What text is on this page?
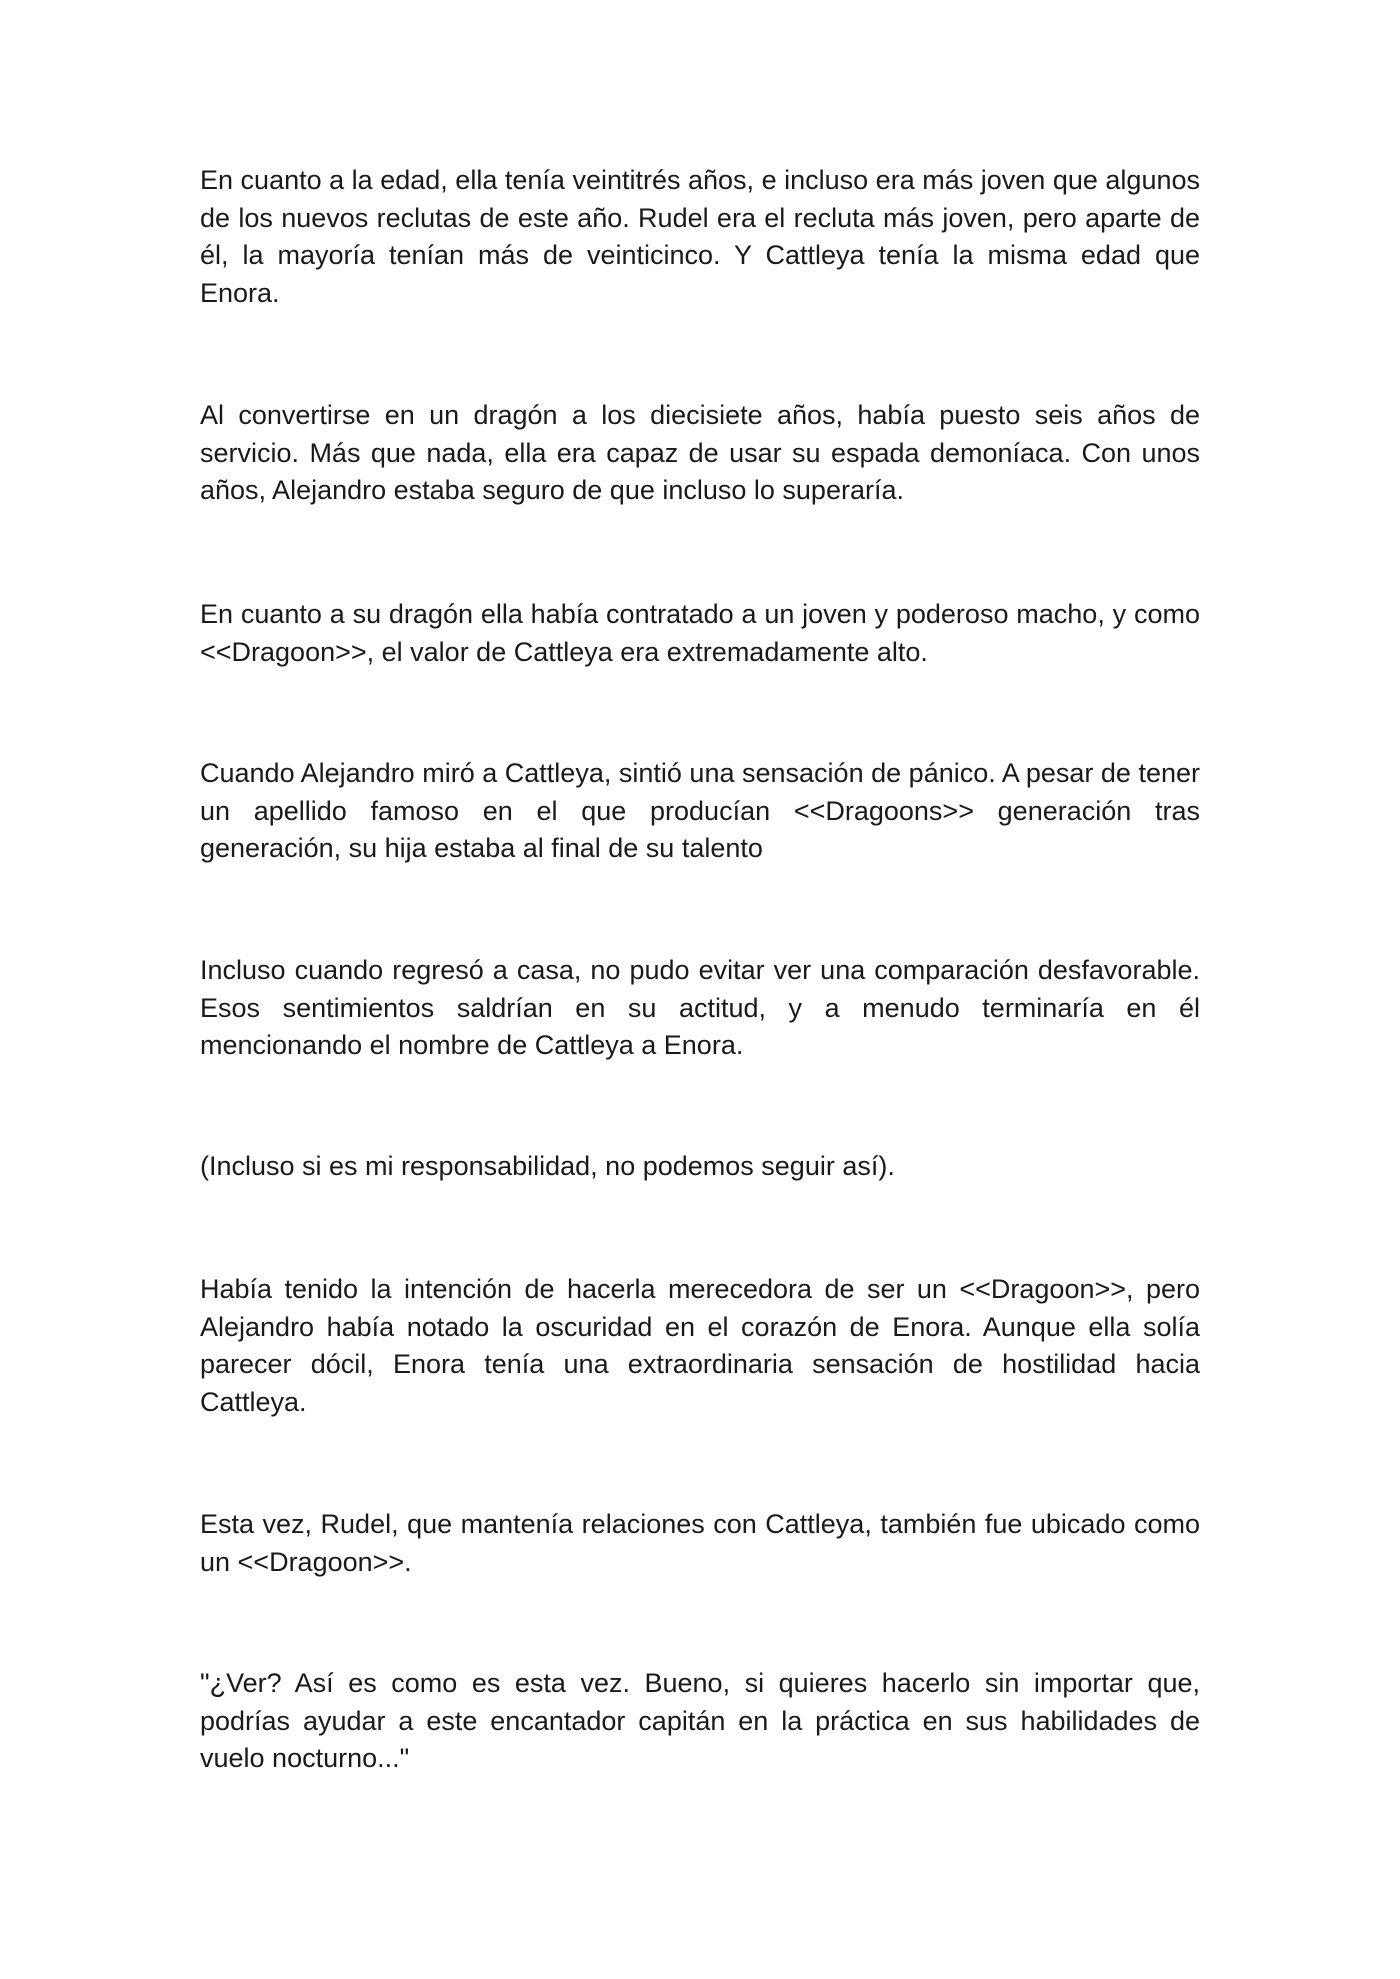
En cuanto a la edad, ella tenía veintitrés años, e incluso era más joven que algunos de los nuevos reclutas de este año. Rudel era el recluta más joven, pero aparte de él, la mayoría tenían más de veinticinco. Y Cattleya tenía la misma edad que Enora.

Al convertirse en un dragón a los diecisiete años, había puesto seis años de servicio. Más que nada, ella era capaz de usar su espada demoníaca. Con unos años, Alejandro estaba seguro de que incluso lo superaría.

En cuanto a su dragón ella había contratado a un joven y poderoso macho, y como <<Dragoon>>, el valor de Cattleya era extremadamente alto.

Cuando Alejandro miró a Cattleya, sintió una sensación de pánico. A pesar de tener un apellido famoso en el que producían <<Dragoons>> generación tras generación, su hija estaba al final de su talento

Incluso cuando regresó a casa, no pudo evitar ver una comparación desfavorable. Esos sentimientos saldrían en su actitud, y a menudo terminaría en él mencionando el nombre de Cattleya a Enora.

(Incluso si es mi responsabilidad, no podemos seguir así).

Había tenido la intención de hacerla merecedora de ser un <<Dragoon>>, pero Alejandro había notado la oscuridad en el corazón de Enora. Aunque ella solía parecer dócil, Enora tenía una extraordinaria sensación de hostilidad hacia Cattleya.

Esta vez, Rudel, que mantenía relaciones con Cattleya, también fue ubicado como un <<Dragoon>>.

"¿Ver? Así es como es esta vez. Bueno, si quieres hacerlo sin importar que, podrías ayudar a este encantador capitán en la práctica en sus habilidades de vuelo nocturno..."
